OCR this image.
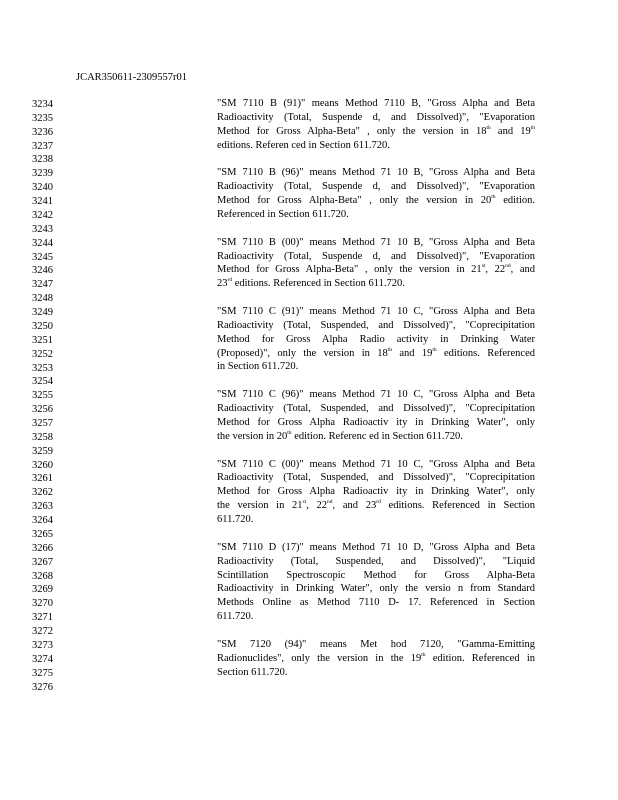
JCAR350611-2309557r01
3234
3235
3236
3237
3238
3239
3240
3241
3242
3243
3244
3245
3246
3247
3248
3249
3250
3251
3252
3253
3254
3255
3256
3257
3258
3259
3260
3261
3262
3263
3264
3265
3266
3267
3268
3269
3270
3271
3272
3273
3274
3275
3276
"SM 7110 B (91)" means Method 7110 B, "Gross Alpha and Beta
Radioactivity (Total, Suspende d, and Dissolved)", "Evaporation
Method for Gross Alpha-Beta" , only the version in 18th and 19th
editions. Referen ced in Section 611.720.
"SM 7110 B (96)" means Method 71 10 B, "Gross Alpha and Beta
Radioactivity (Total, Suspende d, and Dissolved)", "Evaporation
Method for Gross Alpha-Beta" , only the version in 20th edition.
Referenced in Section 611.720.
"SM 7110 B (00)" means Method 71 10 B, "Gross Alpha and Beta
Radioactivity (Total, Suspende d, and Dissolved)", "Evaporation
Method for Gross Alpha-Beta" , only the version in 21st, 22nd, and
23rd editions. Referenced in Section 611.720.
"SM 7110 C (91)" means Method 71 10 C, "Gross Alpha and Beta
Radioactivity (Total, Suspended, and Dissolved)", "Coprecipitation
Method for Gross Alpha Radio activity in Drinking Water
(Proposed)", only the version in 18th and 19th editions. Referenced
in Section 611.720.
"SM 7110 C (96)" means Method 71 10 C, "Gross Alpha and Beta
Radioactivity (Total, Suspended, and Dissolved)", "Coprecipitation
Method for Gross Alpha Radioactiv ity in Drinking Water", only
the version in 20th edition. Referenc ed in Section 611.720.
"SM 7110 C (00)" means Method 71 10 C, "Gross Alpha and Beta
Radioactivity (Total, Suspended, and Dissolved)", "Coprecipitation
Method for Gross Alpha Radioactiv ity in Drinking Water", only
the version in 21st, 22nd, and 23rd editions. Referenced in Section
611.720.
"SM 7110 D (17)" means Method 71 10 D, "Gross Alpha and Beta
Radioactivity (Total, Suspended, and Dissolved)", "Liquid
Scintillation Spectroscopic Method for Gross Alpha-Beta
Radioactivity in Drinking Water", only the versio n from Standard
Methods Online as Method 7110 D- 17. Referenced in Section
611.720.
"SM 7120 (94)" means Met hod 7120, "Gamma-Emitting
Radionuclides", only the version in the 19th edition. Referenced in
Section 611.720.
